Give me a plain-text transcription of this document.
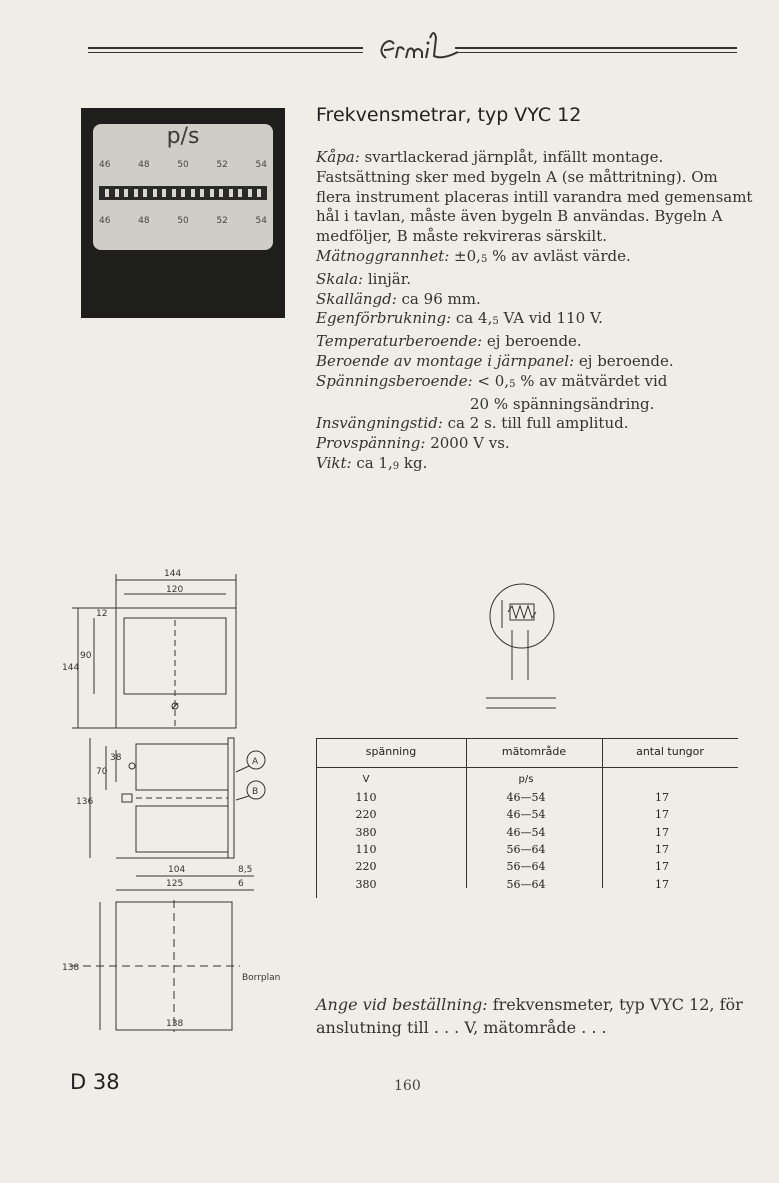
p/s
46	48	50	52	54
46	48	50	52	54
Frekvensmetrar, typ VYC 12

Kåpa: svartlackerad järnplåt, infällt montage. Fastsättning sker med bygeln A (se måttritning). Om flera instrument placeras intill varandra med gemensamt hål i tavlan, måste även bygeln B användas. Bygeln A medföljer, B måste rekvireras särskilt.

Mätnoggrannhet: ±0,5 % av avläst värde.

Skala: linjär.

Skallängd: ca 96 mm.

Egenförbrukning: ca 4,5 VA vid 110 V.

Temperaturberoende: ej beroende.

Beroende av montage i järnpanel: ej beroende.

Spänningsberoende: < 0,5 % av mätvärdet vid

20 % spänningsändring.

Insvängningstid: ca 2 s. till full amplitud.

Provspänning: 2000 V vs.

Vikt: ca 1,9 kg.

144
120
12
90
144
38
70
136
A
B
104
125
8,5
6
138
138
Borrplan
spänning	mätområde	antal tungor
V	p/s
110	46—54	17
220	46—54	17
380	46—54	17
110	56—64	17
220	56—64	17
380	56—64	17
Ange vid beställning: frekvensmeter, typ VYC 12, för anslutning till . . . V, mätområde . . .
D 38	160
